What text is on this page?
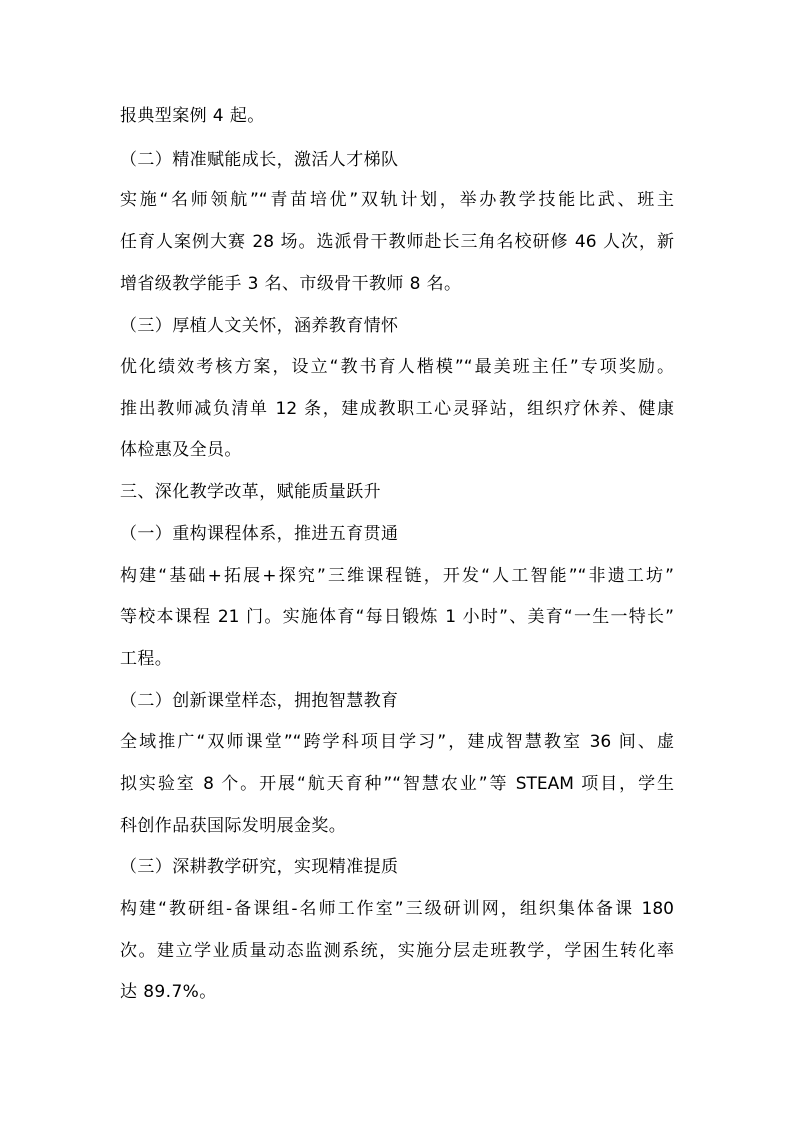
报典型案例 4 起。
（二）精准赋能成长，激活人才梯队
实施“名师领航”“青苗培优”双轨计划，举办教学技能比武、班主
任育人案例大赛 28 场。选派骨干教师赴长三角名校研修 46 人次，新
增省级教学能手 3 名、市级骨干教师 8 名。
（三）厚植人文关怀，涵养教育情怀
优化绩效考核方案，设立“教书育人楷模”“最美班主任”专项奖励。
推出教师减负清单 12 条，建成教职工心灵驿站，组织疗休养、健康
体检惠及全员。
三、深化教学改革，赋能质量跃升
（一）重构课程体系，推进五育贯通
构建“基础+拓展+探究”三维课程链，开发“人工智能”“非遗工坊”
等校本课程 21 门。实施体育“每日锻炼 1 小时”、美育“一生一特长”
工程。
（二）创新课堂样态，拥抱智慧教育
全域推广“双师课堂”“跨学科项目学习”，建成智慧教室 36 间、虚
拟实验室 8 个。开展“航天育种”“智慧农业”等 STEAM 项目，学生
科创作品获国际发明展金奖。
（三）深耕教学研究，实现精准提质
构建“教研组-备课组-名师工作室”三级研训网，组织集体备课 180
次。建立学业质量动态监测系统，实施分层走班教学，学困生转化率
达 89.7%。
